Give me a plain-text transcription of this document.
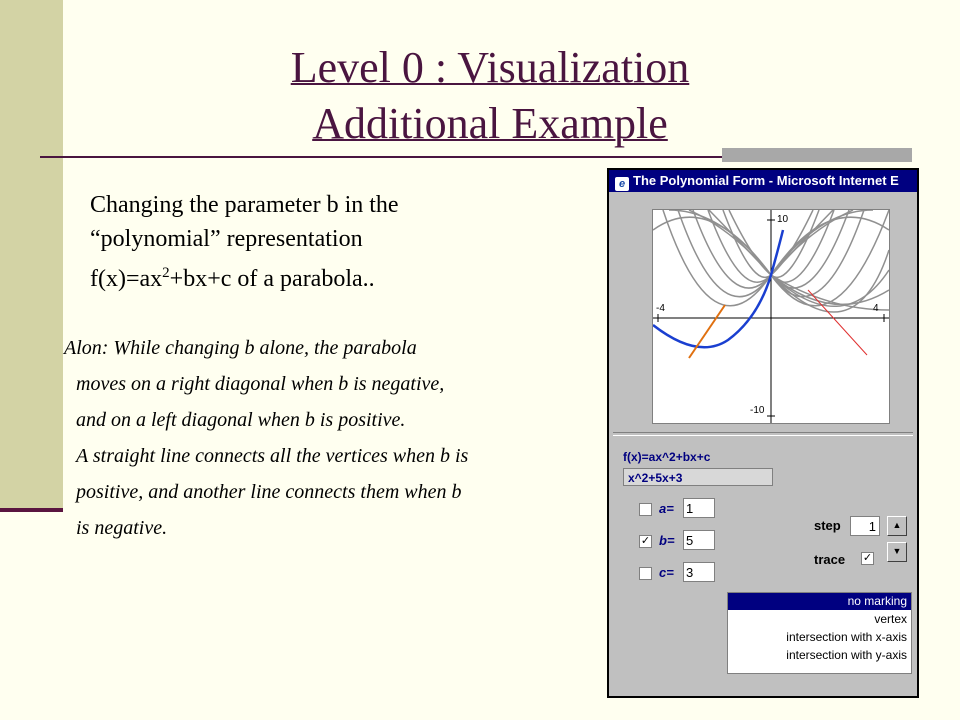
Level 0 : Visualization
Additional Example
Changing the parameter b in the
“polynomial” representation
$f(x)=ax^2+bx+c$ of a parabola..
Alon: While changing b alone, the parabola
moves on a right diagonal when b is negative,
and on a left diagonal when b is positive.
A straight line connects all the vertices when b is
positive, and another line connects them when b
is negative.
e The Polynomial Form - Microsoft Internet E
-4	4
10
-10
f(x)=ax^2+bx+c
x^2+5x+3
a= 1
✓ b= 5
c= 3
step	1	▲
▼
trace ✓
no marking
vertex
intersection with x-axis
intersection with y-axis
